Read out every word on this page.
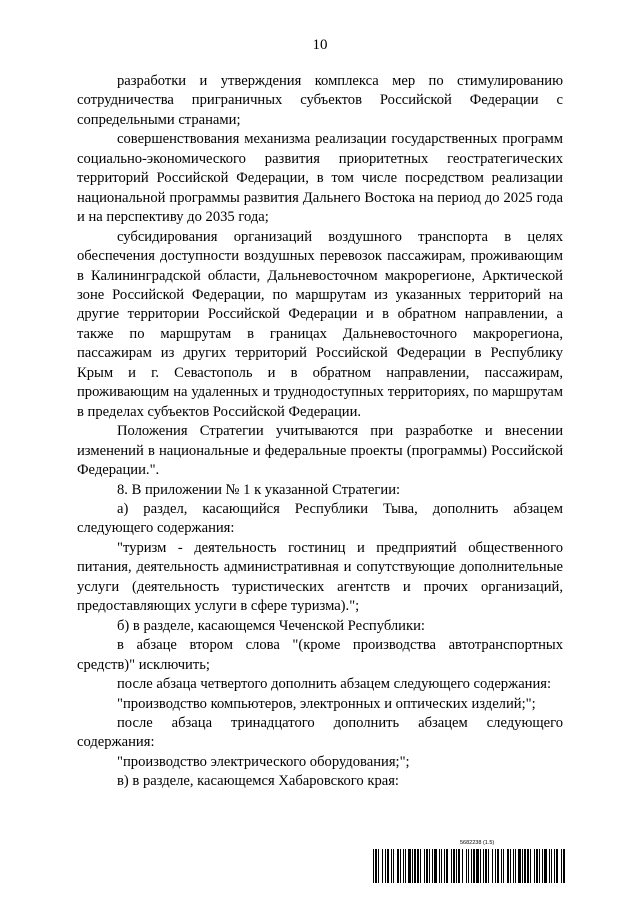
10

разработки и утверждения комплекса мер по стимулированию сотрудничества приграничных субъектов Российской Федерации с сопредельными странами;

совершенствования механизма реализации государственных программ социально-экономического развития приоритетных геостратегических территорий Российской Федерации, в том числе посредством реализации национальной программы развития Дальнего Востока на период до 2025 года и на перспективу до 2035 года;

субсидирования организаций воздушного транспорта в целях обеспечения доступности воздушных перевозок пассажирам, проживающим в Калининградской области, Дальневосточном макрорегионе, Арктической зоне Российской Федерации, по маршрутам из указанных территорий на другие территории Российской Федерации и в обратном направлении, а также по маршрутам в границах Дальневосточного макрорегиона, пассажирам из других территорий Российской Федерации в Республику Крым и г. Севастополь и в обратном направлении, пассажирам, проживающим на удаленных и труднодоступных территориях, по маршрутам в пределах субъектов Российской Федерации.

Положения Стратегии учитываются при разработке и внесении изменений в национальные и федеральные проекты (программы) Российской Федерации.".

8. В приложении № 1 к указанной Стратегии:

а) раздел, касающийся Республики Тыва, дополнить абзацем следующего содержания:

"туризм - деятельность гостиниц и предприятий общественного питания, деятельность административная и сопутствующие дополнительные услуги (деятельность туристических агентств и прочих организаций, предоставляющих услуги в сфере туризма).";

б) в разделе, касающемся Чеченской Республики:

в абзаце втором слова "(кроме производства автотранспортных средств)" исключить;

после абзаца четвертого дополнить абзацем следующего содержания:

"производство компьютеров, электронных и оптических изделий;";

после абзаца тринадцатого дополнить абзацем следующего содержания:

"производство электрического оборудования;";

в) в разделе, касающемся Хабаровского края:

5682238 (1.5)
